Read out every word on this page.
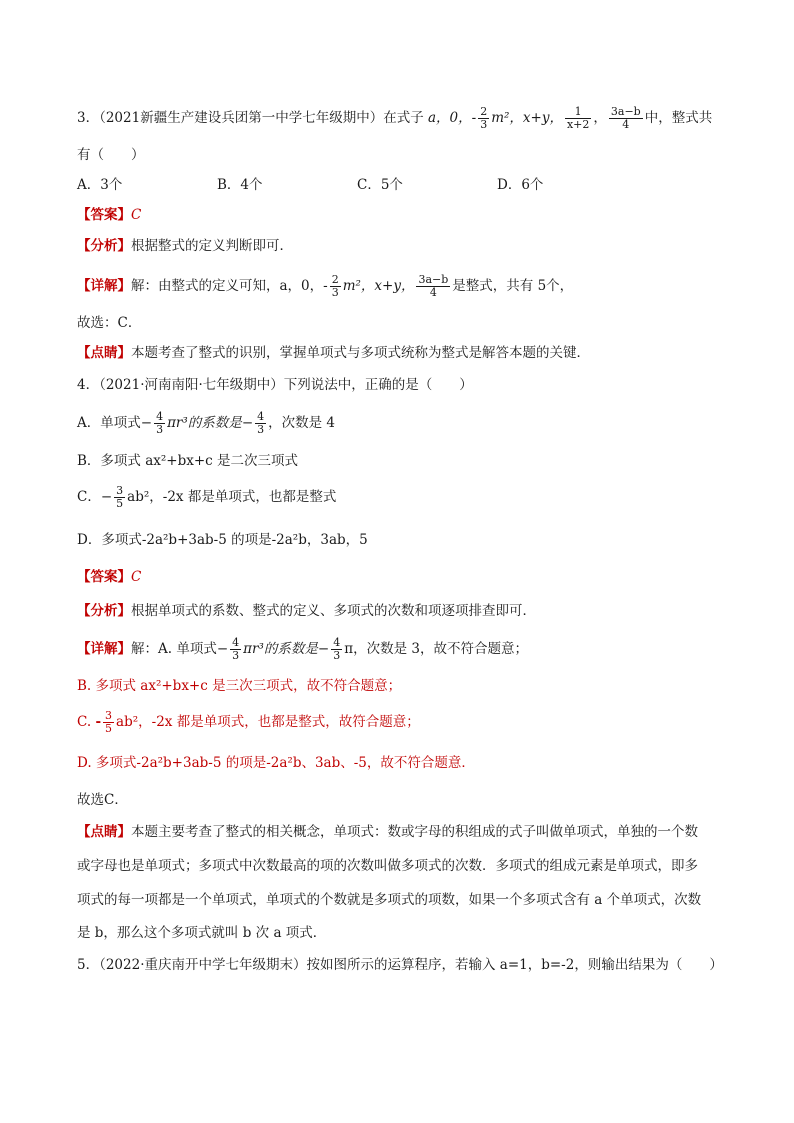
3．（2021新疆生产建设兵团第一中学七年级期中）在式子 a，0，- $\frac{2}{3} m^2$，x+y， $\frac{1}{x+2}$ ， $\frac{3a-b}{4}$ 中，整式共
有（　　）
A．3个	B．4个	C．5个	D．6个
【答案】C
【分析】根据整式的定义判断即可．
【详解】解：由整式的定义可知，a，0，- $\frac{2}{3} m^2$，x+y， $\frac{3a-b}{4}$ 是整式，共有 5个，
故选：C．
【点睛】本题考查了整式的识别，掌握单项式与多项式统称为整式是解答本题的关键．
4．（2021·河南南阳·七年级期中）下列说法中，正确的是（　　）
A．单项式− $\frac{4}{3} \pi r^3$的系数是− $\frac{4}{3}$ ，次数是 4
B．多项式 ax²+bx+c 是二次三项式
C．− $\frac{3}{5} ab^2$，-2x 都是单项式，也都是整式
D．多项式-2a²b+3ab-5 的项是-2a²b，3ab，5
【答案】C
【分析】根据单项式的系数、整式的定义、多项式的次数和项逐项排查即可．
【详解】解：A. 单项式− $\frac{4}{3} \pi r^3$的系数是− $\frac{4}{3}$ π，次数是 3，故不符合题意；
B. 多项式 ax²+bx+c 是三次三项式，故不符合题意；
C. - $\frac{3}{5} ab^2$，-2x 都是单项式，也都是整式，故符合题意；
D. 多项式-2a²b+3ab-5 的项是-2a²b、3ab、-5，故不符合题意．
故选C．
【点睛】本题主要考查了整式的相关概念，单项式：数或字母的积组成的式子叫做单项式，单独的一个数
或字母也是单项式；多项式中次数最高的项的次数叫做多项式的次数．多项式的组成元素是单项式，即多
项式的每一项都是一个单项式，单项式的个数就是多项式的项数，如果一个多项式含有 a 个单项式，次数
是 b，那么这个多项式就叫 b 次 a 项式．
5．（2022·重庆南开中学七年级期末）按如图所示的运算程序，若输入 a=1，b=-2，则输出结果为（　　）
